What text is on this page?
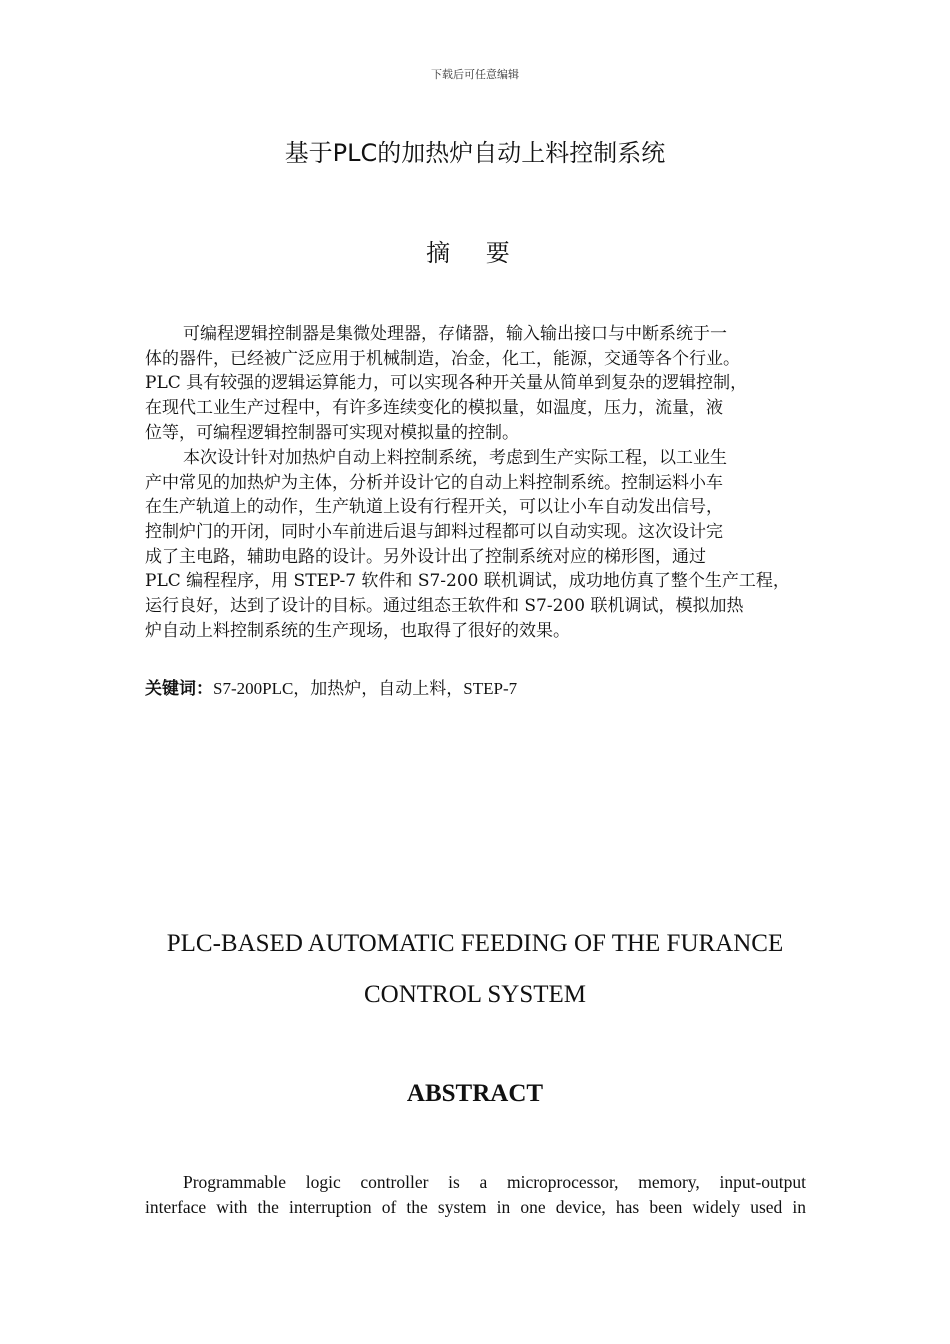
下载后可任意编辑
基于PLC的加热炉自动上料控制系统
摘 要
可编程逻辑控制器是集微处理器，存储器，输入输出接口与中断系统于一
体的器件，已经被广泛应用于机械制造，冶金，化工，能源，交通等各个行业。
PLC 具有较强的逻辑运算能力，可以实现各种开关量从简单到复杂的逻辑控制，
在现代工业生产过程中，有许多连续变化的模拟量，如温度，压力，流量，液
位等，可编程逻辑控制器可实现对模拟量的控制。
本次设计针对加热炉自动上料控制系统，考虑到生产实际工程，以工业生
产中常见的加热炉为主体，分析并设计它的自动上料控制系统。控制运料小车
在生产轨道上的动作，生产轨道上设有行程开关，可以让小车自动发出信号，
控制炉门的开闭，同时小车前进后退与卸料过程都可以自动实现。这次设计完
成了主电路，辅助电路的设计。另外设计出了控制系统对应的梯形图，通过
PLC 编程程序，用 STEP-7 软件和 S7-200 联机调试，成功地仿真了整个生产工程，
运行良好，达到了设计的目标。通过组态王软件和 S7-200 联机调试，模拟加热
炉自动上料控制系统的生产现场，也取得了很好的效果。
关键词：S7-200PLC，加热炉，自动上料，STEP-7
PLC-BASED AUTOMATIC FEEDING OF THE FURANCE
CONTROL SYSTEM
ABSTRACT
Programmable logic controller is a microprocessor, memory, input-output
interface with the interruption of the system in one device, has been widely used in
